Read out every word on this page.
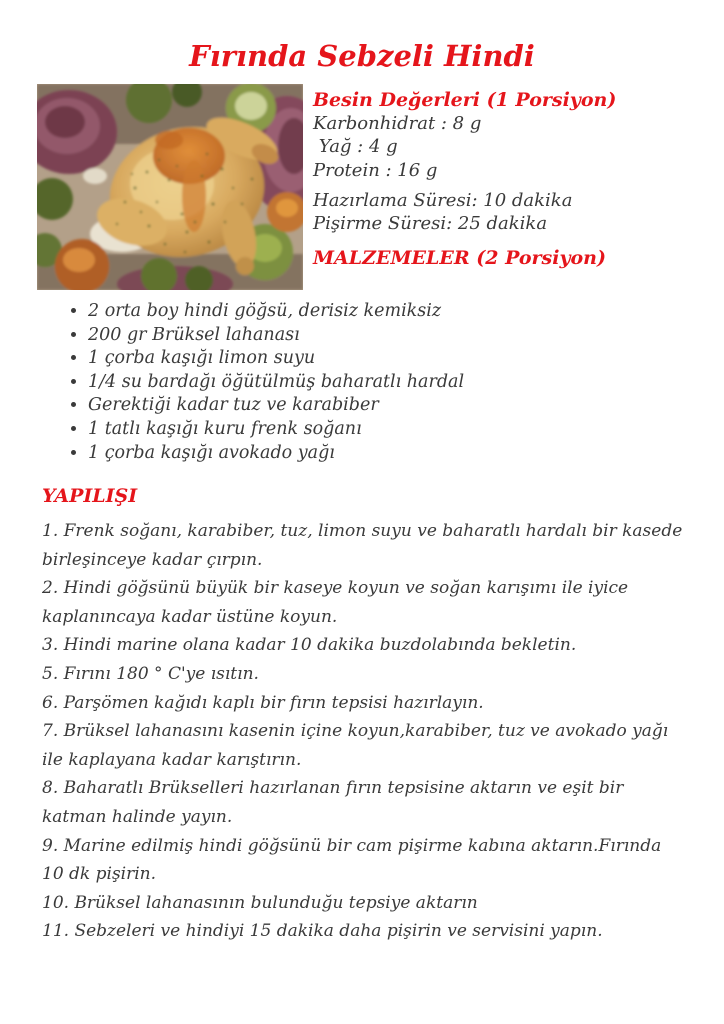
Fırında Sebzeli Hindi
Besin Değerleri (1 Porsiyon)
Karbonhidrat : 8 g
Yağ : 4 g
Protein : 16 g
Hazırlama Süresi: 10 dakika
Pişirme Süresi: 25 dakika
MALZEMELER (2 Porsiyon)
• 2 orta boy hindi göğsü, derisiz kemiksiz
• 200 gr Brüksel lahanası
• 1 çorba kaşığı limon suyu
• 1/4 su bardağı öğütülmüş baharatlı hardal
• Gerektiği kadar tuz ve karabiber
• 1 tatlı kaşığı kuru frenk soğanı
• 1 çorba kaşığı avokado yağı
YAPILIŞI

1. Frenk soğanı, karabiber, tuz, limon suyu ve baharatlı hardalı bir kasede birleşinceye kadar çırpın.

2. Hindi göğsünü büyük bir kaseye koyun ve soğan karışımı ile iyice kaplanıncaya kadar üstüne koyun.

3. Hindi marine olana kadar 10 dakika buzdolabında bekletin.

5. Fırını 180 ° C'ye ısıtın.

6. Parşömen kağıdı kaplı bir fırın tepsisi hazırlayın.

7. Brüksel lahanasını kasenin içine koyun,karabiber, tuz ve avokado yağı ile kaplayana kadar karıştırın.

8. Baharatlı Brükselleri hazırlanan fırın tepsisine aktarın ve eşit bir katman halinde yayın.

9. Marine edilmiş hindi göğsünü bir cam pişirme kabına aktarın.Fırında 10 dk pişirin.

10. Brüksel lahanasının bulunduğu tepsiye aktarın

11. Sebzeleri ve hindiyi 15 dakika daha pişirin ve servisini yapın.
